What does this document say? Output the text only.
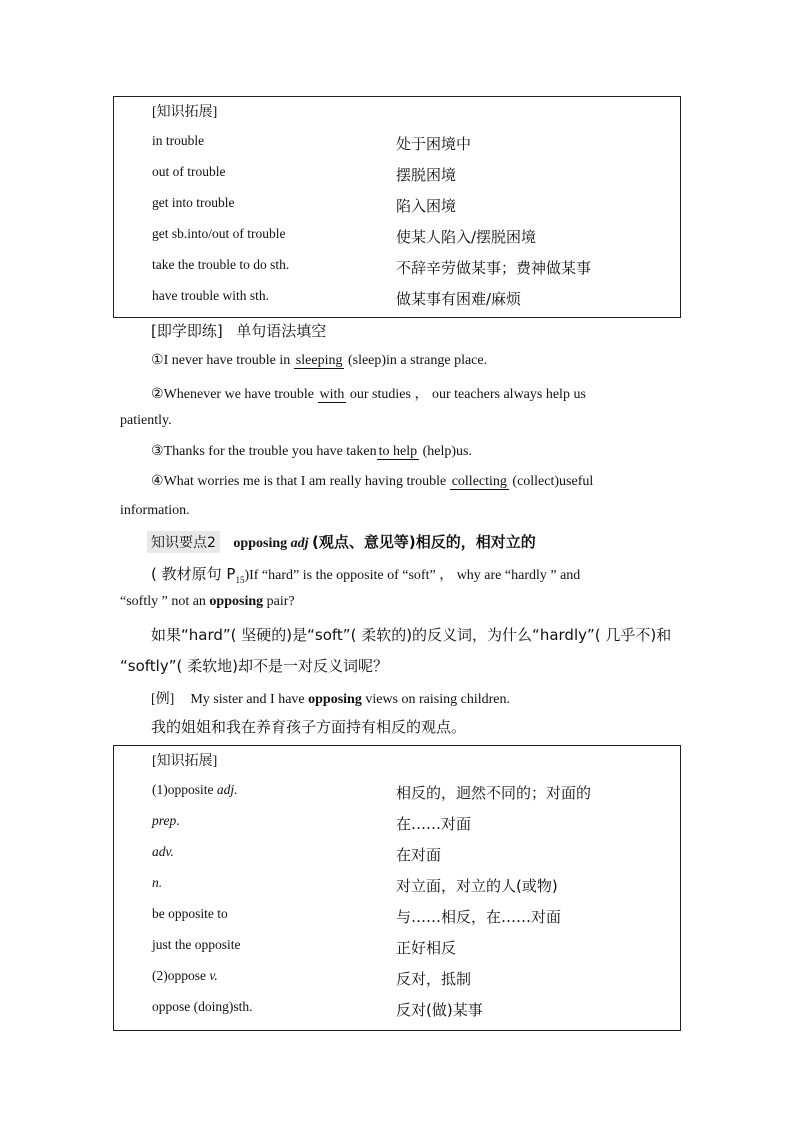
[知识拓展]
in trouble	处于困境中
out of trouble	摆脱困境
get into trouble	陷入困境
get sb.into/out of trouble	使某人陷入/摆脱困境
take the trouble to do sth.	不辞辛劳做某事；费神做某事
have trouble with sth.	做某事有困难/麻烦
[即学即练] 单句语法填空
①I never have trouble in sleeping (sleep)in a strange place.
②Whenever we have trouble with our studies ， our teachers always help us
patiently.
③Thanks for the trouble you have takento help (help)us.
④What worries me is that I am really having trouble collecting (collect)useful
information.
知识要点2 opposing adj (观点、意见等)相反的，相对立的
( 教材原句 $P_{15})If$ “hard” is the opposite of “soft” ， why are “hardly ” and
“softly ” not an opposing pair?
如果“hard”( 坚硬的)是“soft”( 柔软的)的反义词，为什么“hardly”( 几乎不)和
“softly”( 柔软地)却不是一对反义词呢？
[例] My sister and I have opposing views on raising children.
我的姐姐和我在养育孩子方面持有相反的观点。
[知识拓展]
(1)opposite adj.	相反的，迥然不同的；对面的
prep.	在……对面
adv.	在对面
n.	对立面，对立的人(或物)
be opposite to	与……相反，在……对面
just the opposite	正好相反
(2)oppose v.	反对，抵制
oppose (doing)sth.	反对(做)某事
